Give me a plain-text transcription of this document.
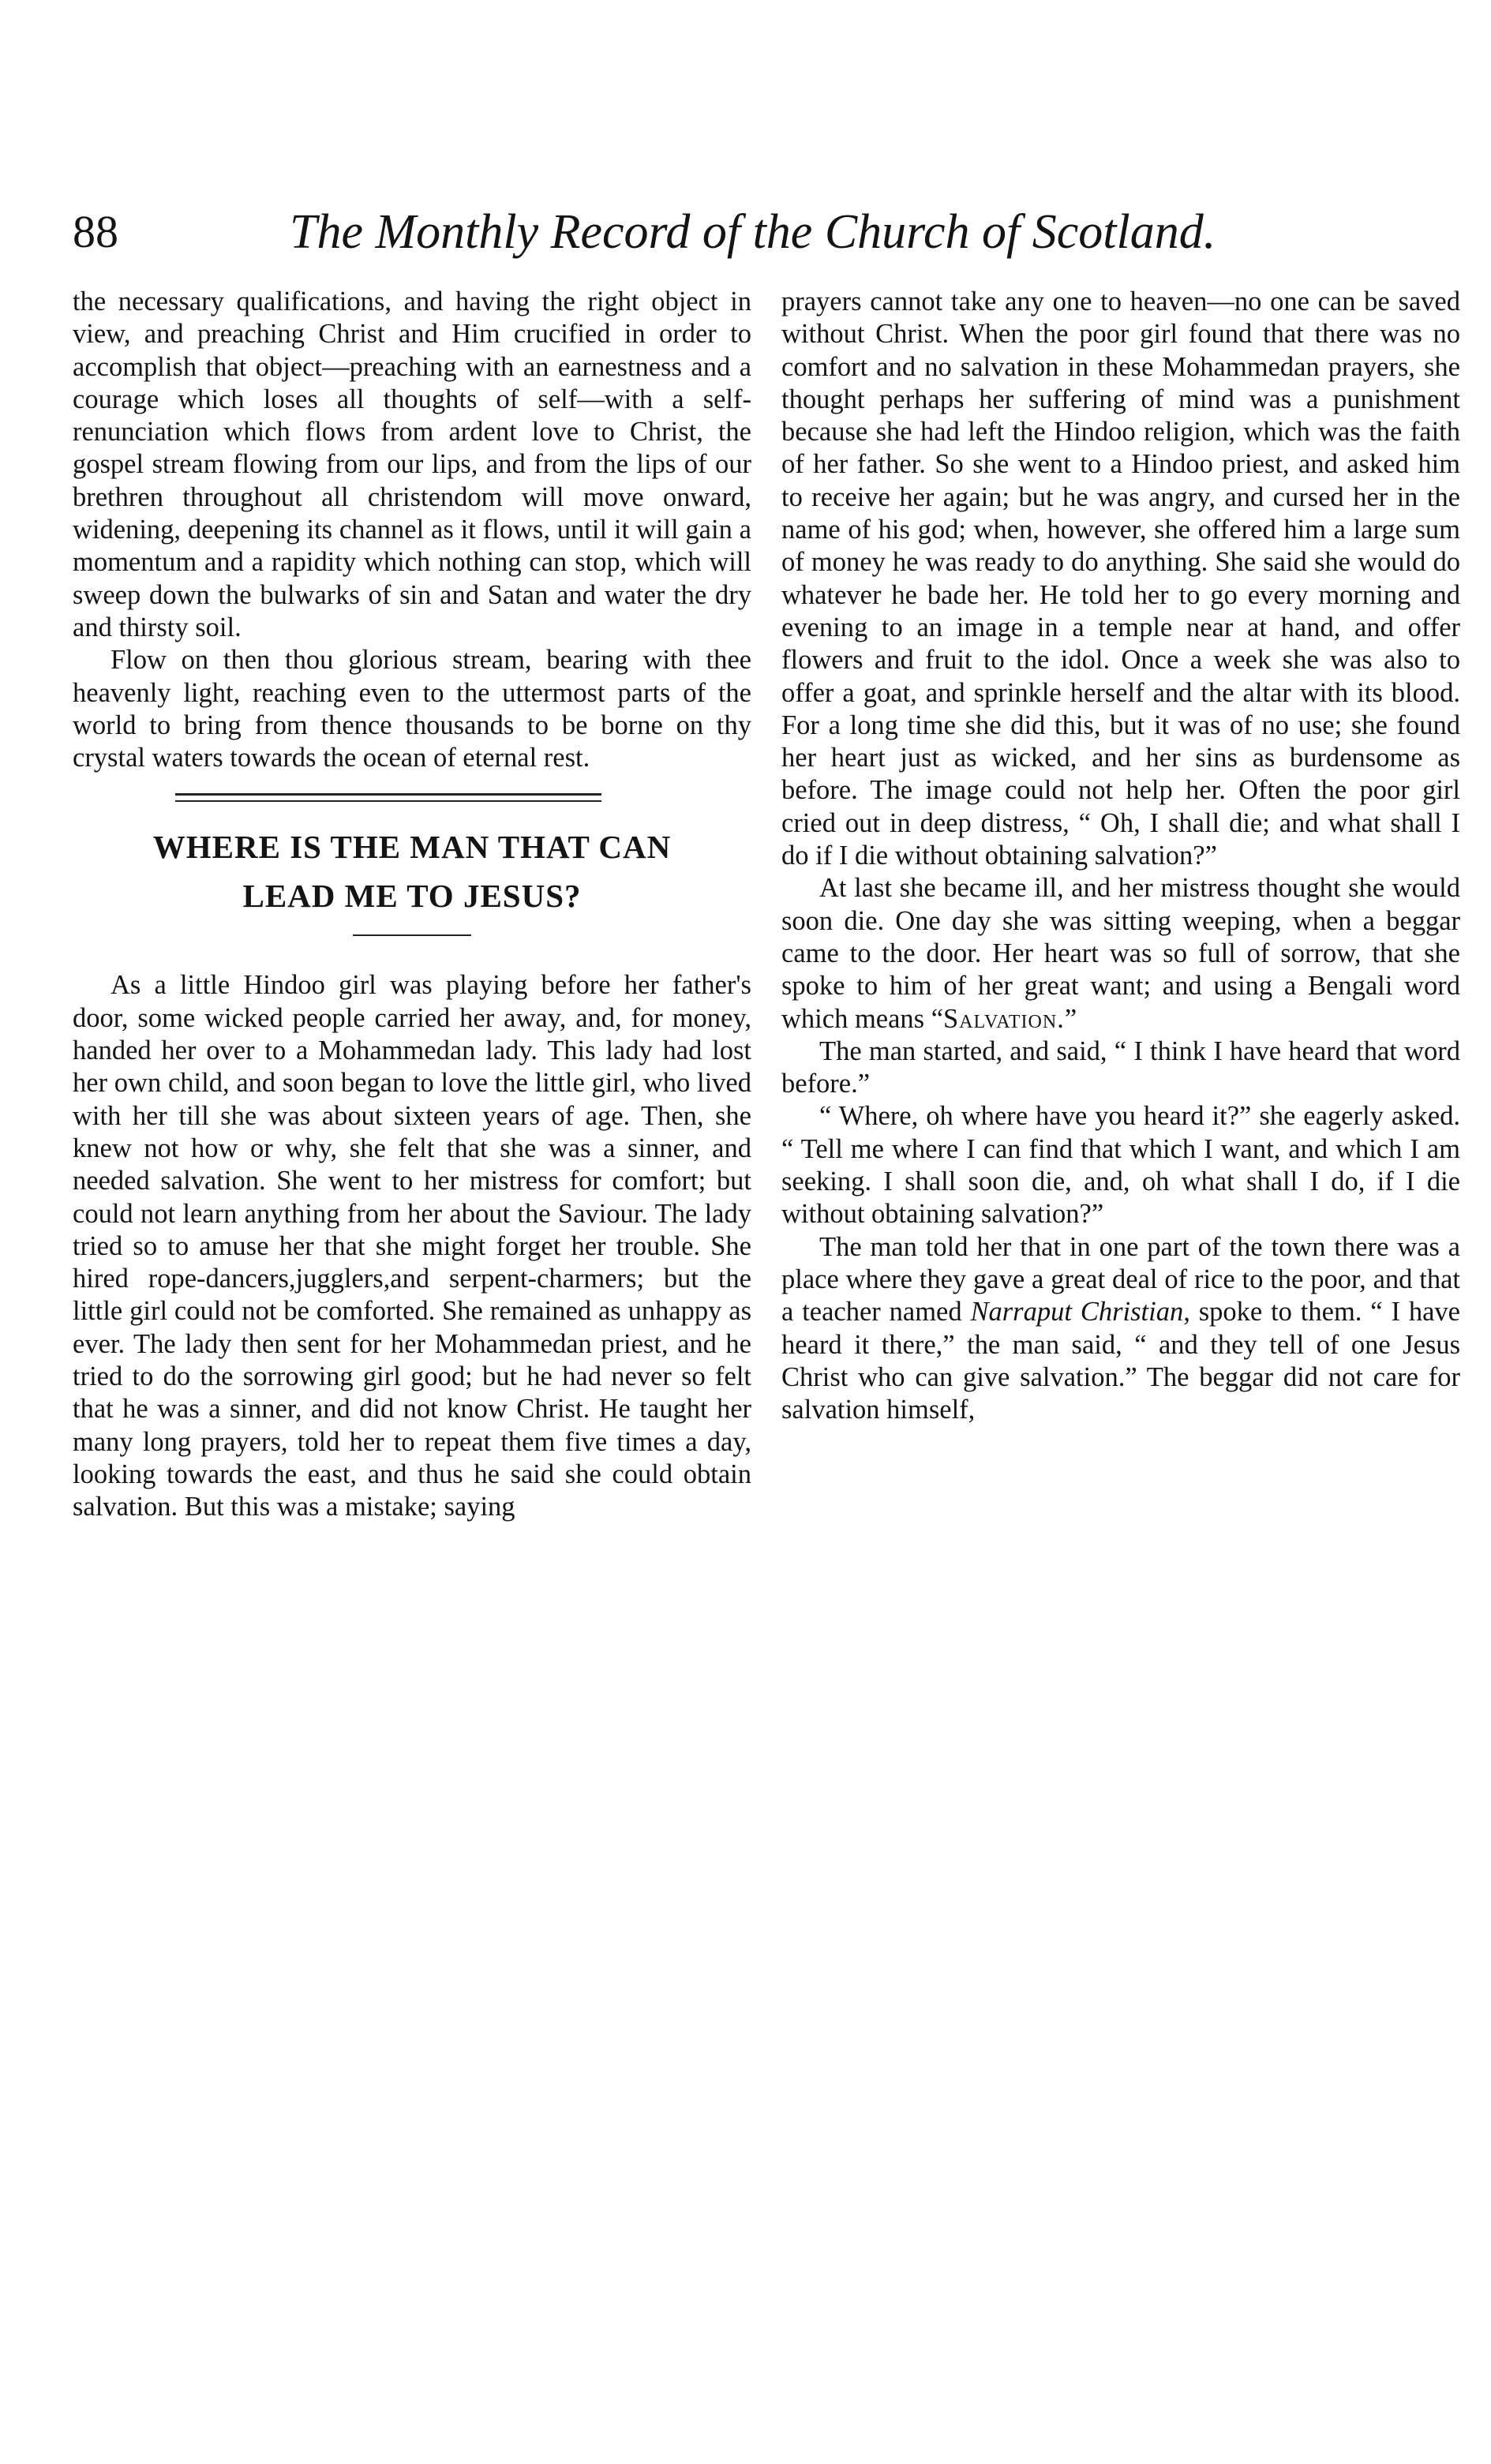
88	The Monthly Record of the Church of Scotland.

the necessary qualifications, and having the right object in view, and preaching Christ and Him crucified in order to accomplish that object—preaching with an earnestness and a courage which loses all thoughts of self—with a self-renunciation which flows from ardent love to Christ, the gospel stream flowing from our lips, and from the lips of our brethren throughout all christendom will move onward, widening, deepening its channel as it flows, until it will gain a momentum and a rapidity which nothing can stop, which will sweep down the bulwarks of sin and Satan and water the dry and thirsty soil.

Flow on then thou glorious stream, bearing with thee heavenly light, reaching even to the uttermost parts of the world to bring from thence thousands to be borne on thy crystal waters towards the ocean of eternal rest.

WHERE IS THE MAN THAT CAN
LEAD ME TO JESUS?

As a little Hindoo girl was playing before her father's door, some wicked people carried her away, and, for money, handed her over to a Mohammedan lady. This lady had lost her own child, and soon began to love the little girl, who lived with her till she was about sixteen years of age. Then, she knew not how or why, she felt that she was a sinner, and needed salvation. She went to her mistress for comfort; but could not learn anything from her about the Saviour. The lady tried so to amuse her that she might forget her trouble. She hired rope-dancers,jugglers,and serpent-charmers; but the little girl could not be comforted. She remained as unhappy as ever. The lady then sent for her Mohammedan priest, and he tried to do the sorrowing girl good; but he had never so felt that he was a sinner, and did not know Christ. He taught her many long prayers, told her to repeat them five times a day, looking towards the east, and thus he said she could obtain salvation. But this was a mistake; saying

prayers cannot take any one to heaven—no one can be saved without Christ. When the poor girl found that there was no comfort and no salvation in these Mohammedan prayers, she thought perhaps her suffering of mind was a punishment because she had left the Hindoo religion, which was the faith of her father. So she went to a Hindoo priest, and asked him to receive her again; but he was angry, and cursed her in the name of his god; when, however, she offered him a large sum of money he was ready to do anything. She said she would do whatever he bade her. He told her to go every morning and evening to an image in a temple near at hand, and offer flowers and fruit to the idol. Once a week she was also to offer a goat, and sprinkle herself and the altar with its blood. For a long time she did this, but it was of no use; she found her heart just as wicked, and her sins as burdensome as before. The image could not help her. Often the poor girl cried out in deep distress, “ Oh, I shall die; and what shall I do if I die without obtaining salvation?”

At last she became ill, and her mistress thought she would soon die. One day she was sitting weeping, when a beggar came to the door. Her heart was so full of sorrow, that she spoke to him of her great want; and using a Bengali word which means “Salvation.”

The man started, and said, “ I think I have heard that word before.”

“ Where, oh where have you heard it?” she eagerly asked. “ Tell me where I can find that which I want, and which I am seeking. I shall soon die, and, oh what shall I do, if I die without obtaining salvation?”

The man told her that in one part of the town there was a place where they gave a great deal of rice to the poor, and that a teacher named Narraput Christian, spoke to them. “ I have heard it there,” the man said, “ and they tell of one Jesus Christ who can give salvation.” The beggar did not care for salvation himself,
